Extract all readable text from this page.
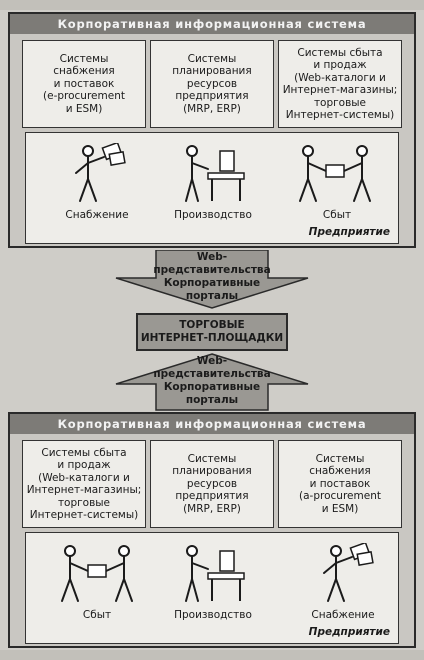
Корпоративная информационная система
Системы
снабжения
и поставок
(e-procurement
и ESM)
Системы
планирования
ресурсов
предприятия
(MRP, ERP)
Системы сбыта
и продаж
(Web-каталоги и
Интернет-магазины;
торговые
Интернет-системы)
Снабжение	Производство	Сбыт
Предприятие
Web-
представительства
Корпоративные
порталы
ТОРГОВЫЕ
ИНТЕРНЕТ-ПЛОЩАДКИ
Web-
представительства
Корпоративные
порталы
Корпоративная информационная система
Системы сбыта
и продаж
(Web-каталоги и
Интернет-магазины;
торговые
Интернет-системы)
Системы
планирования
ресурсов
предприятия
(MRP, ERP)
Системы
снабжения
и поставок
(a-procurement
и ESM)
Сбыт	Производство	Снабжение
Предприятие
